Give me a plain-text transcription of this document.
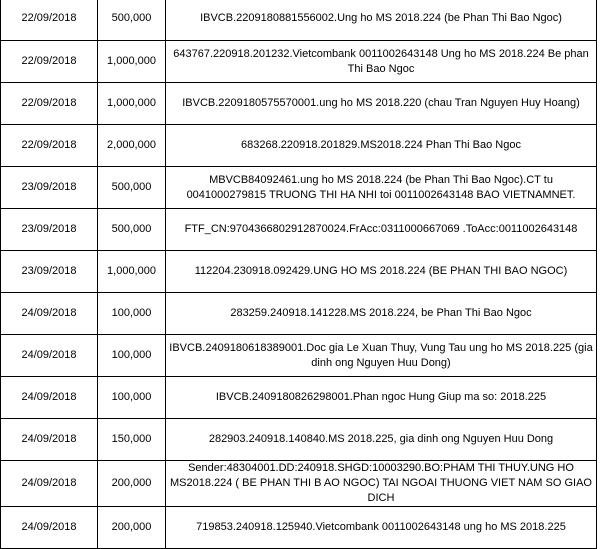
22/09/2018	500,000	IBVCB.2209180881556002.Ung ho MS 2018.224 (be Phan Thi Bao Ngoc)
22/09/2018	1,000,000	643767.220918.201232.Vietcombank 0011002643148 Ung ho MS 2018.224 Be phan Thi Bao Ngoc
22/09/2018	1,000,000	IBVCB.2209180575570001.ung ho MS 2018.220 (chau Tran Nguyen Huy Hoang)
22/09/2018	2,000,000	683268.220918.201829.MS2018.224 Phan Thi Bao Ngoc
23/09/2018	500,000	MBVCB84092461.ung ho MS 2018.224 (be Phan Thi Bao Ngoc).CT tu 0041000279815 TRUONG THI HA NHI toi 0011002643148 BAO VIETNAMNET.
23/09/2018	500,000	FTF_CN:970436680291287002​4.FrAcc:0311000667069 .ToAcc:0011002643148
23/09/2018	1,000,000	112204.230918.092429.UNG HO MS 2018.224 (BE PHAN THI BAO NGOC)
24/09/2018	100,000	283259.240918.141228.MS 2018.224, be Phan Thi Bao Ngoc
24/09/2018	100,000	IBVCB.2409180618389001.Doc gia Le Xuan Thuy, Vung Tau ung ho MS 2018.225 (gia dinh ong Nguyen Huu Dong)
24/09/2018	100,000	IBVCB.2409180826298001.Phan ngoc Hung Giup ma so: 2018.225
24/09/2018	150,000	282903.240918.140840.MS 2018.225, gia dinh ong Nguyen Huu Dong
24/09/2018	200,000	Sender:48304001.DD:240918.SHGD:10003290.BO:PHAM THI THUY.UNG HO MS2018.224 ( BE PHAN THI B AO NGOC) TAI NGOAI THUONG VIET NAM SO GIAO DICH
24/09/2018	200,000	719853.240918.125940.Vietcombank 0011002643148 ung ho MS 2018.225
